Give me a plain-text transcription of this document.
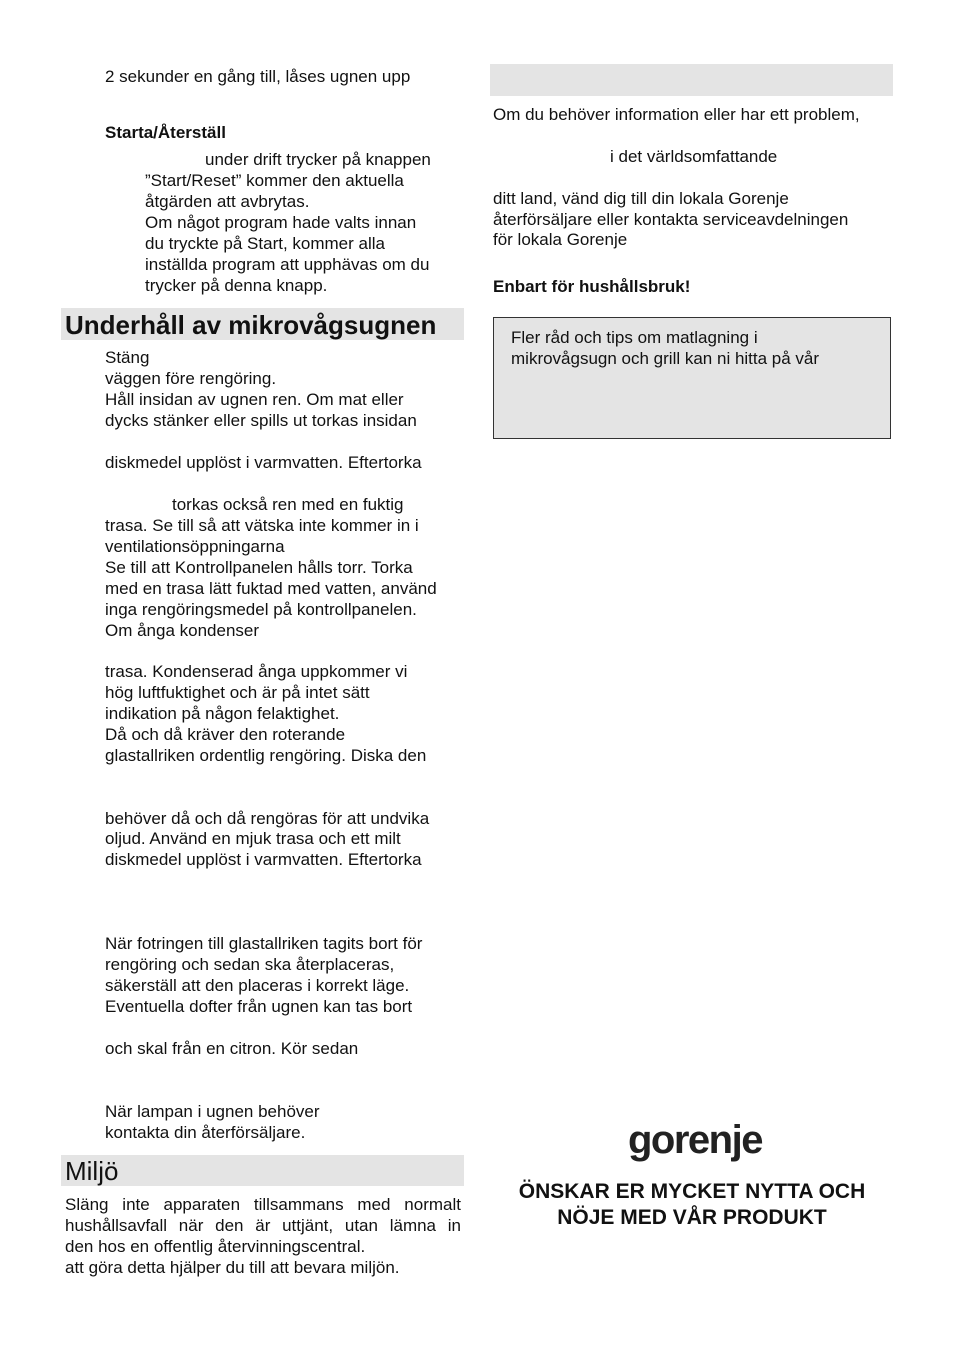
2 sekunder en gång till, låses ugnen upp
Starta/Återställ
under drift trycker på knappen
”Start/Reset” kommer den aktuella
åtgärden att avbrytas.
Om något program hade valts innan
du tryckte på Start, kommer alla
inställda program att upphävas om du
trycker på denna knapp.
Underhåll av mikrovågsugnen
Stäng
väggen före rengöring.
Håll insidan av ugnen ren. Om mat eller
dycks stänker eller spills ut torkas insidan
diskmedel upplöst i varmvatten. Eftertorka
torkas också ren med en fuktig
trasa. Se till så att vätska inte kommer in i
ventilationsöppningarna
Se till att Kontrollpanelen hålls torr. Torka
med en trasa lätt fuktad med vatten, använd
inga rengöringsmedel på kontrollpanelen.
Om ånga kondenser
trasa. Kondenserad ånga uppkommer vi
hög luftfuktighet och är på intet sätt
indikation på någon felaktighet.
Då och då kräver den roterande
glastallriken ordentlig rengöring. Diska den
behöver då och då rengöras för att undvika
oljud. Använd en mjuk trasa och ett milt
diskmedel upplöst i varmvatten. Eftertorka
När fotringen till glastallriken tagits bort för
rengöring och sedan ska återplaceras,
säkerställ att den placeras i korrekt läge.
Eventuella dofter från ugnen kan tas bort
och skal från en citron. Kör sedan
När lampan i ugnen behöver
kontakta din återförsäljare.
Miljö
Släng inte apparaten tillsammans med normalt
hushållsavfall när den är uttjänt, utan lämna in
den hos en offentlig återvinningscentral.
att göra detta hjälper du till att bevara miljön.
Om du behöver information eller har ett problem,
i det världsomfattande
ditt land, vänd dig till din lokala Gorenje
återförsäljare eller kontakta serviceavdelningen
för lokala Gorenje
Enbart för hushållsbruk!
Fler råd och tips om matlagning i
mikrovågsugn och grill kan ni hitta på vår
gorenje
ÖNSKAR ER MYCKET NYTTA OCH
NÖJE MED VÅR PRODUKT
